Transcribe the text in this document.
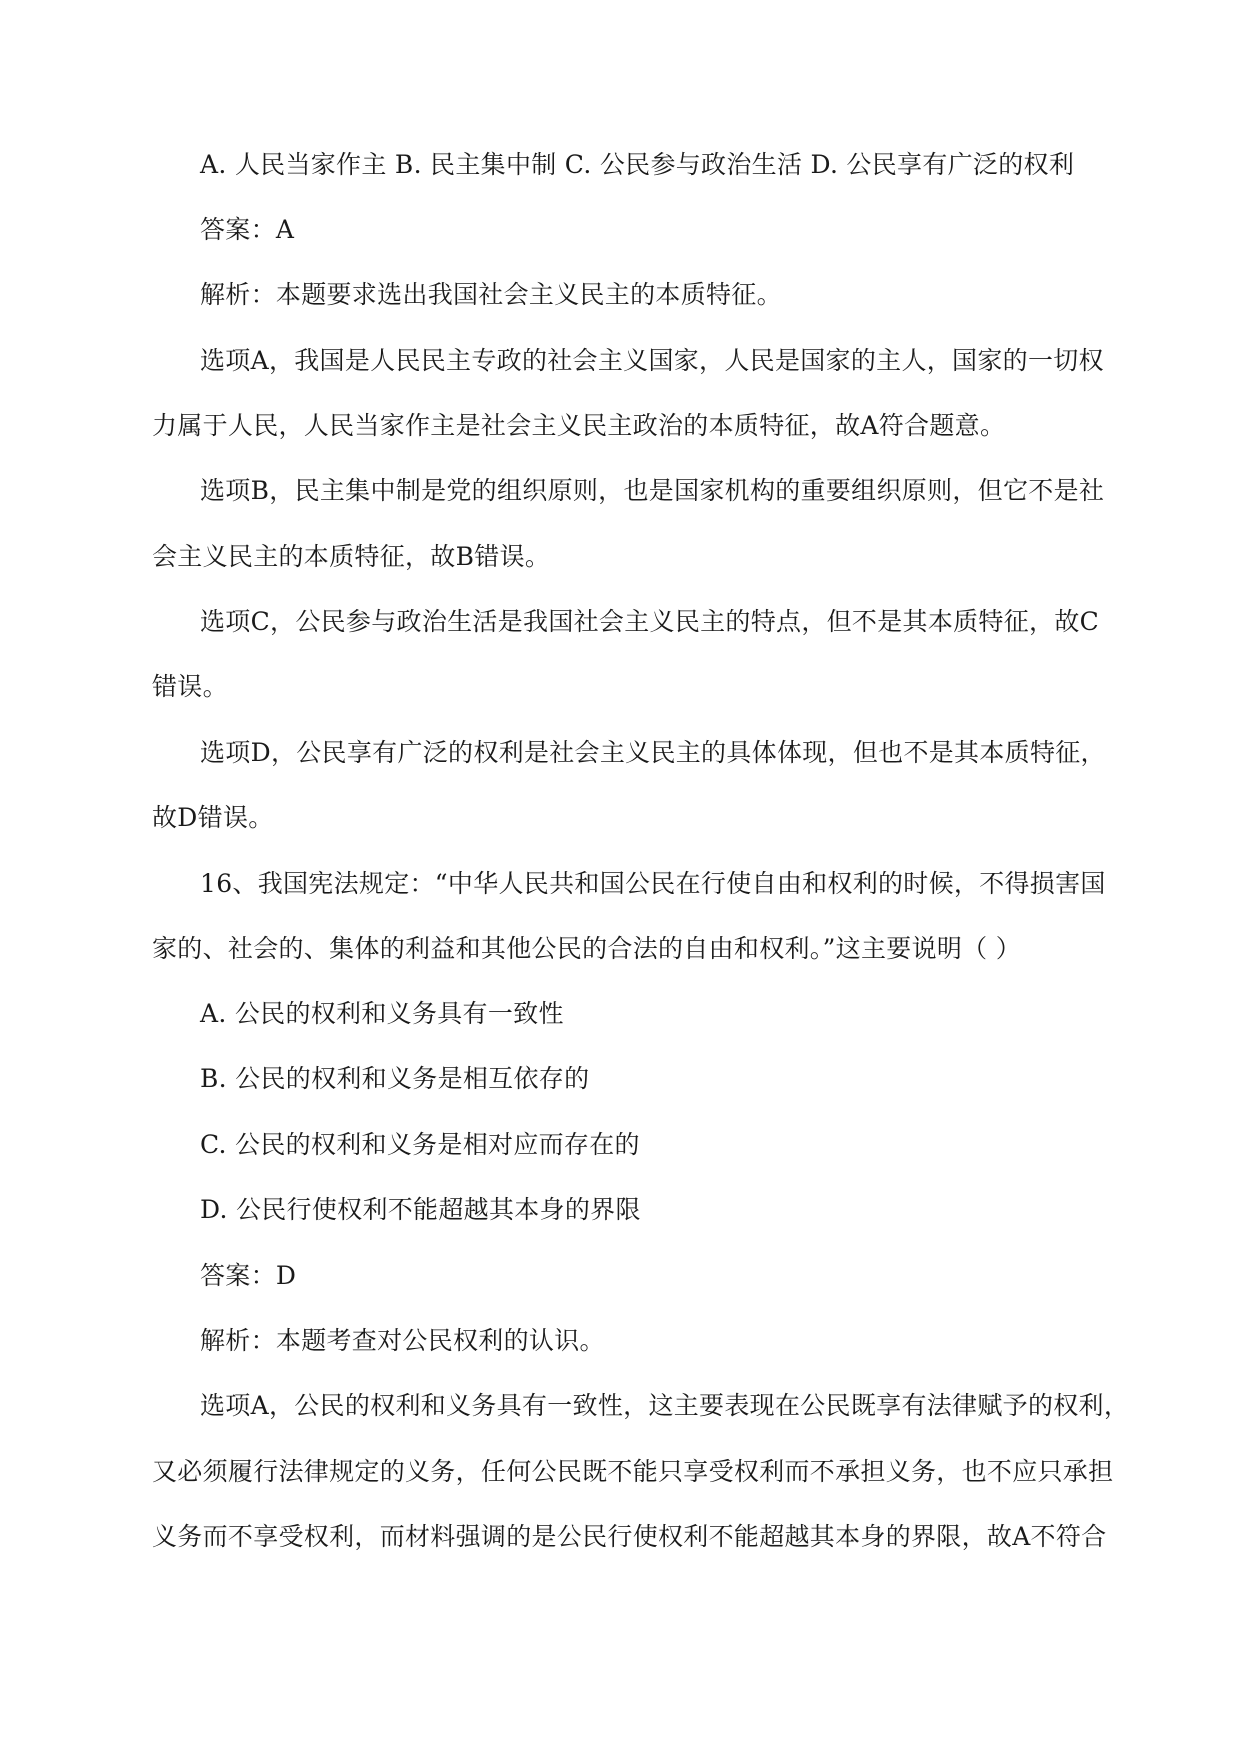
A. 人民当家作主 B. 民主集中制 C. 公民参与政治生活 D. 公民享有广泛的权利
答案：A
解析：本题要求选出我国社会主义民主的本质特征。
选项A，我国是人民民主专政的社会主义国家，人民是国家的主人，国家的一切权
力属于人民，人民当家作主是社会主义民主政治的本质特征，故A符合题意。
选项B，民主集中制是党的组织原则，也是国家机构的重要组织原则，但它不是社
会主义民主的本质特征，故B错误。
选项C，公民参与政治生活是我国社会主义民主的特点，但不是其本质特征，故C
错误。
选项D，公民享有广泛的权利是社会主义民主的具体体现，但也不是其本质特征，
故D错误。
16、我国宪法规定：“中华人民共和国公民在行使自由和权利的时候，不得损害国
家的、社会的、集体的利益和其他公民的合法的自由和权利。”这主要说明（ ）
A. 公民的权利和义务具有一致性
B. 公民的权利和义务是相互依存的
C. 公民的权利和义务是相对应而存在的
D. 公民行使权利不能超越其本身的界限
答案：D
解析：本题考查对公民权利的认识。
选项A，公民的权利和义务具有一致性，这主要表现在公民既享有法律赋予的权利，
又必须履行法律规定的义务，任何公民既不能只享受权利而不承担义务，也不应只承担
义务而不享受权利，而材料强调的是公民行使权利不能超越其本身的界限，故A不符合
